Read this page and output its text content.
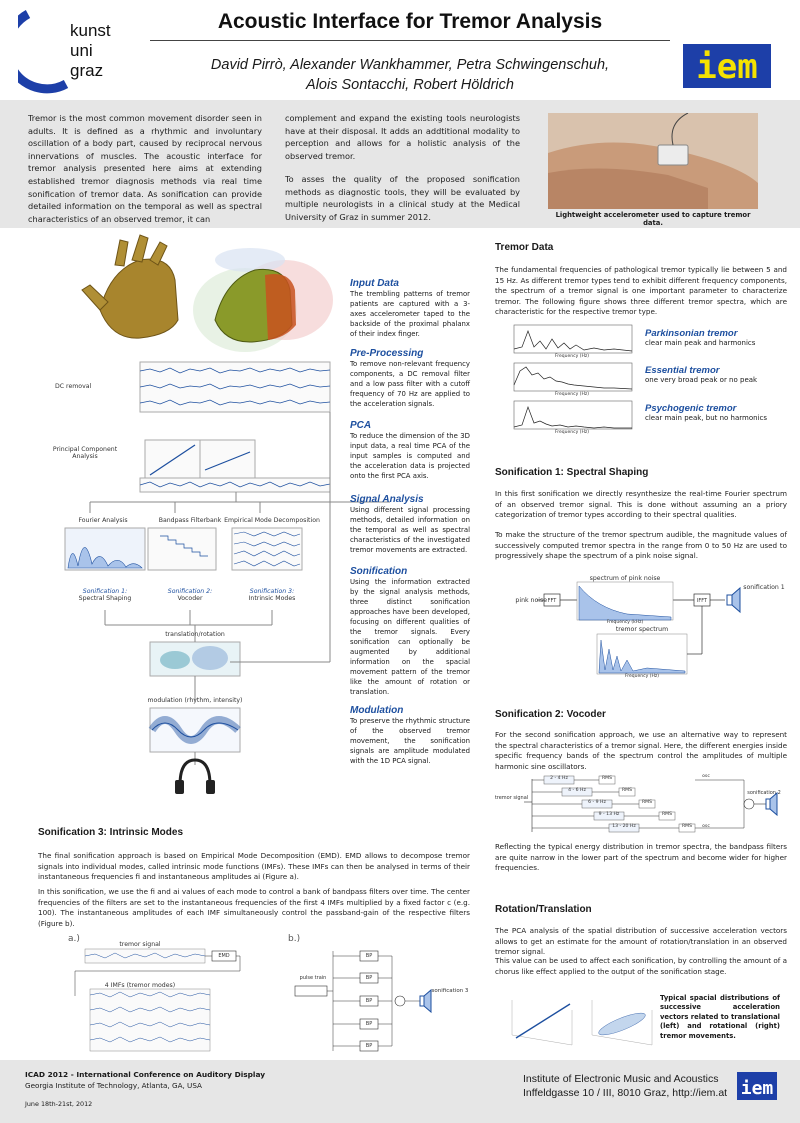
kunst
uni
graz
Acoustic Interface for Tremor Analysis
David Pirrò, Alexander Wankhammer, Petra Schwingenschuh,
Alois Sontacchi, Robert Höldrich	iem

Tremor is the most common movement disorder seen in adults. It is defined as a rhythmic and involuntary oscillation of a body part, caused by reciprocal nervous innervations of muscles. The acoustic interface for tremor analysis presented here aims at extending established tremor diagnosis methods via real time sonification of tremor data. As sonification can provide detailed information on the temporal as well as spectral characteristics of an observed tremor, it can

complement and expand the existing tools neurologists have at their disposal. It adds an addtitional modality to perception and allows for a holistic analysis of the observed tremor.

To asses the quality of the proposed sonification methods as diagnostic tools, they will be evaluated by multiple neurologists in a clinical study at the Medical University of Graz in summer 2012.	Lightweight accelerometer used to capture tremor data.
DC removal
Principal Component Analysis
Fourier Analysis	Bandpass Filterbank Empirical Mode Decomposition
Sonification 1:
Spectral Shaping
Sonification 2:
Vocoder
Sonification 3:
Intrinsic Modes
translation/rotation
modulation (rhythm, intensity)
Input Data
The trembling patterns of tremor patients are captured with a 3-axes accelerometer taped to the backside of the proximal phalanx of their index finger.
Pre-Processing
To remove non-relevant frequency components, a DC removal filter and a low pass filter with a cutoff frequency of 70 Hz are applied to the acceleration signals.
PCA
To reduce the dimension of the 3D input data, a real time PCA of the input samples is computed and the acceleration data is projected onto the first PCA axis.
Signal Analysis
Using different signal processing methods, detailed information on the temporal as well as spectral characteristics of the investigated tremor movements are extracted.
Sonification
Using the information extracted by the signal analysis methods, three distinct sonification approaches have been developed, focusing on different qualities of the tremor signals. Every sonification can optionally be augmented by additional information on the spacial movement pattern of the tremor like the amount of rotation or translation.
Modulation
To preserve the rhythmic structure of the observed tremor movement, the sonification signals are amplitude modulated with the 1D PCA signal.
Tremor Data
The fundamental frequencies of pathological tremor typically lie between 5 and 15 Hz. As different tremor types tend to exhibit different frequency components, the spectrum of a tremor signal is one important parameter to characterize tremor. The following figure shows three different tremor spectra, which are characteristic for the respective tremor type.
Frequency (Hz)
Frequency (Hz)
Frequency (Hz)
Parkinsonian tremor
clear main peak and harmonics
Essential tremor
one very broad peak or no peak
Psychogenic tremor
clear main peak, but no harmonics
Sonification 1: Spectral Shaping
In this first sonification we directly resynthesize the real-time Fourier spectrum of an observed tremor signal. This is done without assuming an a priory categorization of tremor types according to their spectral qualities.
To make the structure of the tremor spectrum audible, the magnitude values of successively computed tremor spectra in the range from 0 to 50 Hz are used to progressively shape the spectrum of a pink noise signal.
pink noise FFT	IFFT
spectrum of pink noise
tremor spectrum
Frequency (kHz)
Frequency (Hz)
sonification 1
Sonification 2: Vocoder
For the second sonification approach, we use an alternative way to represent the spectral characteristics of a tremor signal. Here, the different energies inside specific frequency bands of the spectrum control the amplitudes of multiple harmonic sine oscillators.
tremor signal
2 - 4 Hz
4 - 6 Hz
6 - 9 Hz
9 - 13 Hz
13 - 20 Hz
RMS
RMS
RMS
RMS
RMS
osc
osc
sonification 2
Reflecting the typical energy distribution in tremor spectra, the bandpass filters are quite narrow in the lower part of the spectrum and become wider for higher frequencies.
Rotation/Translation
The PCA analysis of the spatial distribution of successive acceleration vectors allows to get an estimate for the amount of rotation/translation in an observed tremor signal.
This value can be used to affect each sonification, by controlling the amount of a chorus like effect applied to the output of the sonification stage.
Typical spacial distributions of successive acceleration vectors related to translational (left) and rotational (right) tremor movements.
Sonification 3: Intrinsic Modes
The final sonification approach is based on Empirical Mode Decomposition (EMD). EMD allows to decompose tremor signals into individual modes, called intrinsic mode functions (IMFs). These IMFs can then be analysed in terms of their instantaneous frequencies fi and instantaneous amplitudes ai (Figure a).
In this sonification, we use the fi and ai values of each mode to control a bank of bandpass filters over time. The center frequencies of the filters are set to the instantaneous frequencies of the first 4 IMFs multiplied by a fixed factor c (e.g. 100). The instantaneous amplitudes of each IMF simultaneously control the passband-gain of the respective filters (Figure b).
a.)	b.)
tremor signal
EMD
4 IMFs (tremor modes)
pulse train
BP
BP
BP
BP
BP
sonification 3
ICAD 2012 - International Conference on Auditory Display
Georgia Institute of Technology, Atlanta, GA, USA
June 18th-21st, 2012
Institute of Electronic Music and Acoustics
Inffeldgasse 10 / III, 8010 Graz, http://iem.at iem
